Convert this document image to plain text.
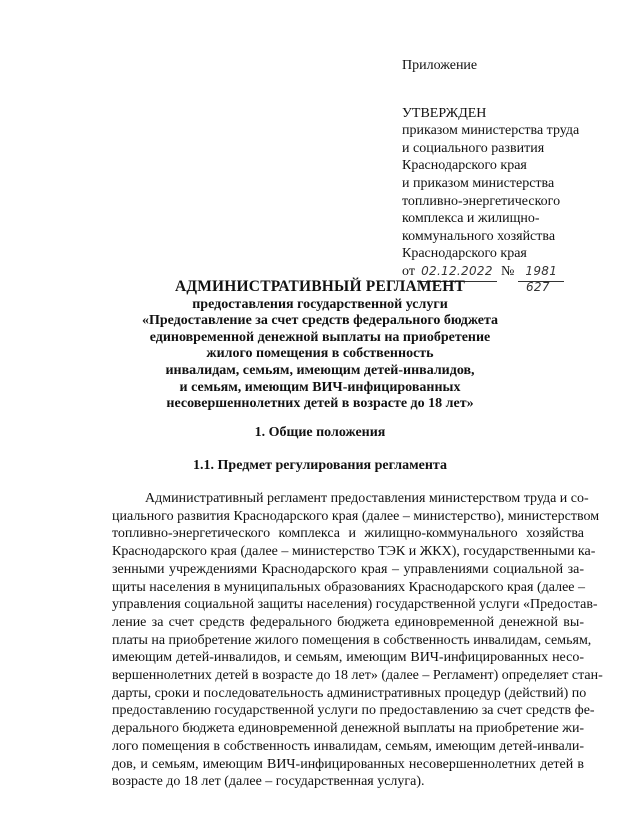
Приложение
УТВЕРЖДЕН
приказом министерства труда
и социального развития
Краснодарского края
и приказом министерства
топливно-энергетического
комплекса и жилищно-
коммунального хозяйства
Краснодарского края
от 02.12.2022 № 1981
627
АДМИНИСТРАТИВНЫЙ РЕГЛАМЕНТ
предоставления государственной услуги
«Предоставление за счет средств федерального бюджета
единовременной денежной выплаты на приобретение
жилого помещения в собственность
инвалидам, семьям, имеющим детей-инвалидов,
и семьям, имеющим ВИЧ-инфицированных
несовершеннолетних детей в возрасте до 18 лет»
1. Общие положения
1.1. Предмет регулирования регламента
Административный регламент предоставления министерством труда и со-
циального развития Краснодарского края (далее – министерство), министерством
топливно-энергетического комплекса и жилищно-коммунального хозяйства
Краснодарского края (далее – министерство ТЭК и ЖКХ), государственными ка-
зенными учреждениями Краснодарского края – управлениями социальной за-
щиты населения в муниципальных образованиях Краснодарского края (далее –
управления социальной защиты населения) государственной услуги «Предостав-
ление за счет средств федерального бюджета единовременной денежной вы-
платы на приобретение жилого помещения в собственность инвалидам, семьям,
имеющим детей-инвалидов, и семьям, имеющим ВИЧ-инфицированных несо-
вершеннолетних детей в возрасте до 18 лет» (далее – Регламент) определяет стан-
дарты, сроки и последовательность административных процедур (действий) по
предоставлению государственной услуги по предоставлению за счет средств фе-
дерального бюджета единовременной денежной выплаты на приобретение жи-
лого помещения в собственность инвалидам, семьям, имеющим детей-инвали-
дов, и семьям, имеющим ВИЧ-инфицированных несовершеннолетних детей в
возрасте до 18 лет (далее – государственная услуга).
